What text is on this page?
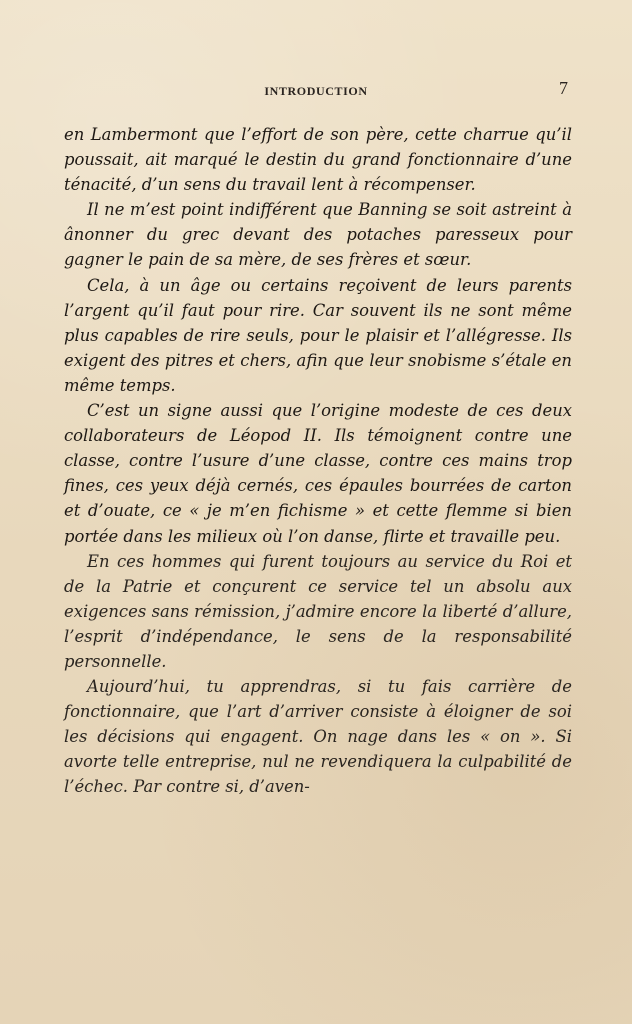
INTRODUCTION	7

en Lambermont que l’effort de son père, cette charrue qu’il poussait, ait marqué le destin du grand fonctionnaire d’une ténacité, d’un sens du travail lent à récompenser.

Il ne m’est point indifférent que Banning se soit astreint à ânonner du grec devant des potaches paresseux pour gagner le pain de sa mère, de ses frères et sœur.

Cela, à un âge ou certains reçoivent de leurs parents l’argent qu’il faut pour rire. Car souvent ils ne sont même plus capables de rire seuls, pour le plaisir et l’allégresse. Ils exigent des pitres et chers, afin que leur snobisme s’étale en même temps.

C’est un signe aussi que l’origine modeste de ces deux collaborateurs de Léopod II. Ils témoignent contre une classe, contre l’usure d’une classe, contre ces mains trop fines, ces yeux déjà cernés, ces épaules bourrées de carton et d’ouate, ce « je m’en fichisme » et cette flemme si bien portée dans les milieux où l’on danse, flirte et travaille peu.

En ces hommes qui furent toujours au service du Roi et de la Patrie et conçurent ce service tel un absolu aux exigences sans rémission, j’admire encore la liberté d’allure, l’esprit d’indépendance, le sens de la responsabilité personnelle.

Aujourd’hui, tu apprendras, si tu fais carrière de fonctionnaire, que l’art d’arriver consiste à éloigner de soi les décisions qui engagent. On nage dans les « on ». Si avorte telle entreprise, nul ne revendiquera la culpabilité de l’échec. Par contre si, d’aven-
